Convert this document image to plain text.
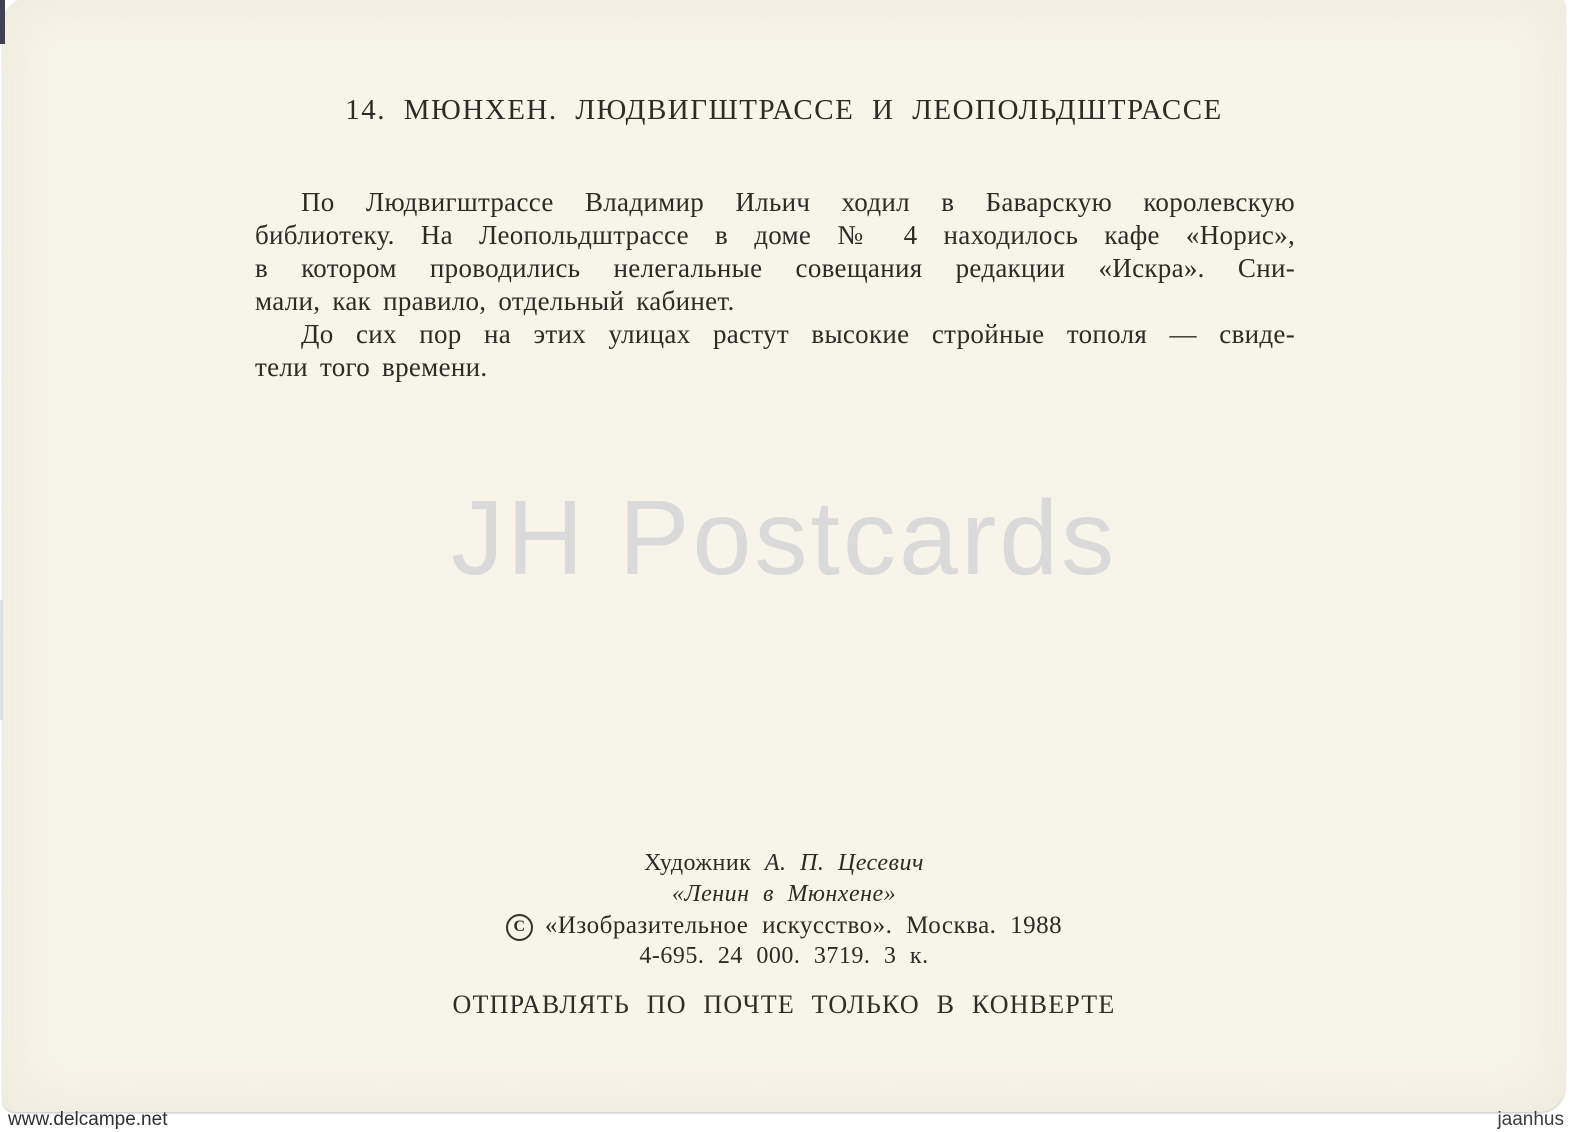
14. МЮНХЕН. ЛЮДВИГШТРАССЕ И ЛЕОПОЛЬДШТРАССЕ
По Людвигштрассе Владимир Ильич ходил в Баварскую королевскую
библиотеку. На Леопольдштрассе в доме № 4 находилось кафе «Норис»,
в котором проводились нелегальные совещания редакции «Искра». Сни-
мали, как правило, отдельный кабинет.
До сих пор на этих улицах растут высокие стройные тополя — свиде-
тели того времени.
JH Postcards
Художник А. П. Цесевич
«Ленин в Мюнхене»
С «Изобразительное искусство». Москва. 1988
4-695. 24 000. 3719. 3 к.
ОТПРАВЛЯТЬ ПО ПОЧТЕ ТОЛЬКО В КОНВЕРТЕ
www.delcampe.net	jaanhus
